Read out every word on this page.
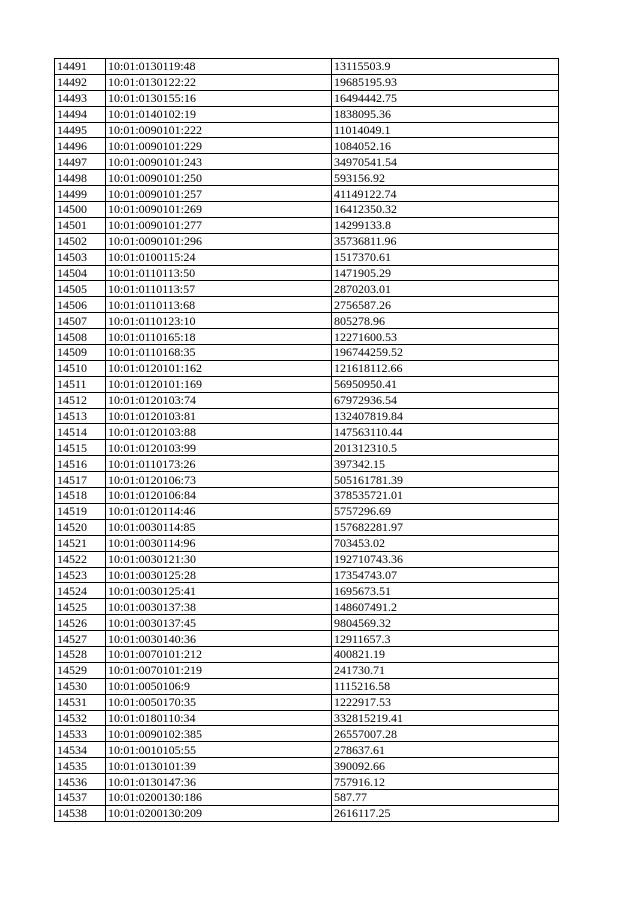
14491	10:01:0130119:48	13115503.9
14492	10:01:0130122:22	19685195.93
14493	10:01:0130155:16	16494442.75
14494	10:01:0140102:19	1838095.36
14495	10:01:0090101:222	11014049.1
14496	10:01:0090101:229	1084052.16
14497	10:01:0090101:243	34970541.54
14498	10:01:0090101:250	593156.92
14499	10:01:0090101:257	41149122.74
14500	10:01:0090101:269	16412350.32
14501	10:01:0090101:277	14299133.8
14502	10:01:0090101:296	35736811.96
14503	10:01:0100115:24	1517370.61
14504	10:01:0110113:50	1471905.29
14505	10:01:0110113:57	2870203.01
14506	10:01:0110113:68	2756587.26
14507	10:01:0110123:10	805278.96
14508	10:01:0110165:18	12271600.53
14509	10:01:0110168:35	196744259.52
14510	10:01:0120101:162	121618112.66
14511	10:01:0120101:169	56950950.41
14512	10:01:0120103:74	67972936.54
14513	10:01:0120103:81	132407819.84
14514	10:01:0120103:88	147563110.44
14515	10:01:0120103:99	201312310.5
14516	10:01:0110173:26	397342.15
14517	10:01:0120106:73	505161781.39
14518	10:01:0120106:84	378535721.01
14519	10:01:0120114:46	5757296.69
14520	10:01:0030114:85	157682281.97
14521	10:01:0030114:96	703453.02
14522	10:01:0030121:30	192710743.36
14523	10:01:0030125:28	17354743.07
14524	10:01:0030125:41	1695673.51
14525	10:01:0030137:38	148607491.2
14526	10:01:0030137:45	9804569.32
14527	10:01:0030140:36	12911657.3
14528	10:01:0070101:212	400821.19
14529	10:01:0070101:219	241730.71
14530	10:01:0050106:9	1115216.58
14531	10:01:0050170:35	1222917.53
14532	10:01:0180110:34	332815219.41
14533	10:01:0090102:385	26557007.28
14534	10:01:0010105:55	278637.61
14535	10:01:0130101:39	390092.66
14536	10:01:0130147:36	757916.12
14537	10:01:0200130:186	587.77
14538	10:01:0200130:209	2616117.25
